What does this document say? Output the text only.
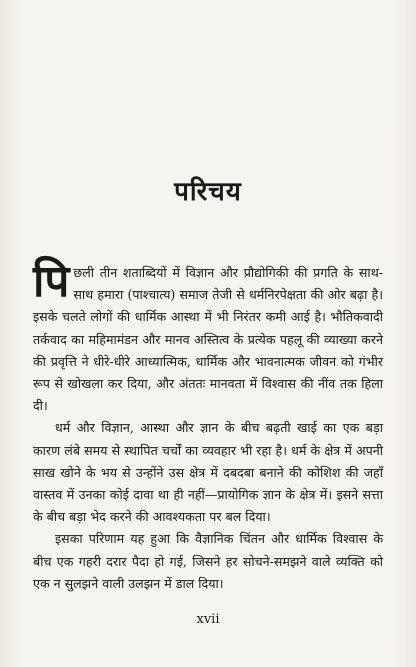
परिचय

पिछली तीन शताब्दियों में विज्ञान और प्रौद्योगिकी की प्रगति के साथ-साथ हमारा (पाश्चात्य) समाज तेजी से धर्मनिरपेक्षता की ओर बढ़ा है। इसके चलते लोगों की धार्मिक आस्था में भी निरंतर कमी आई है। भौतिकवादी तर्कवाद का महिमामंडन और मानव अस्तित्व के प्रत्येक पहलू की व्याख्या करने की प्रवृत्ति ने धीरे-धीरे आध्यात्मिक, धार्मिक और भावनात्मक जीवन को गंभीर रूप से खोखला कर दिया, और अंततः मानवता में विश्वास की नींव तक हिला दी।

धर्म और विज्ञान, आस्था और ज्ञान के बीच बढ़ती खाई का एक बड़ा कारण लंबे समय से स्थापित चर्चों का व्यवहार भी रहा है। धर्म के क्षेत्र में अपनी साख खोने के भय से उन्होंने उस क्षेत्र में दबदबा बनाने की कोशिश की जहाँ वास्तव में उनका कोई दावा था ही नहीं—प्रायोगिक ज्ञान के क्षेत्र में। इसने सत्ता के बीच बड़ा भेद करने की आवश्यकता पर बल दिया।

इसका परिणाम यह हुआ कि वैज्ञानिक चिंतन और धार्मिक विश्वास के बीच एक गहरी दरार पैदा हो गई, जिसने हर सोचने-समझने वाले व्यक्ति को एक न सुलझने वाली उलझन में डाल दिया।

xvii
